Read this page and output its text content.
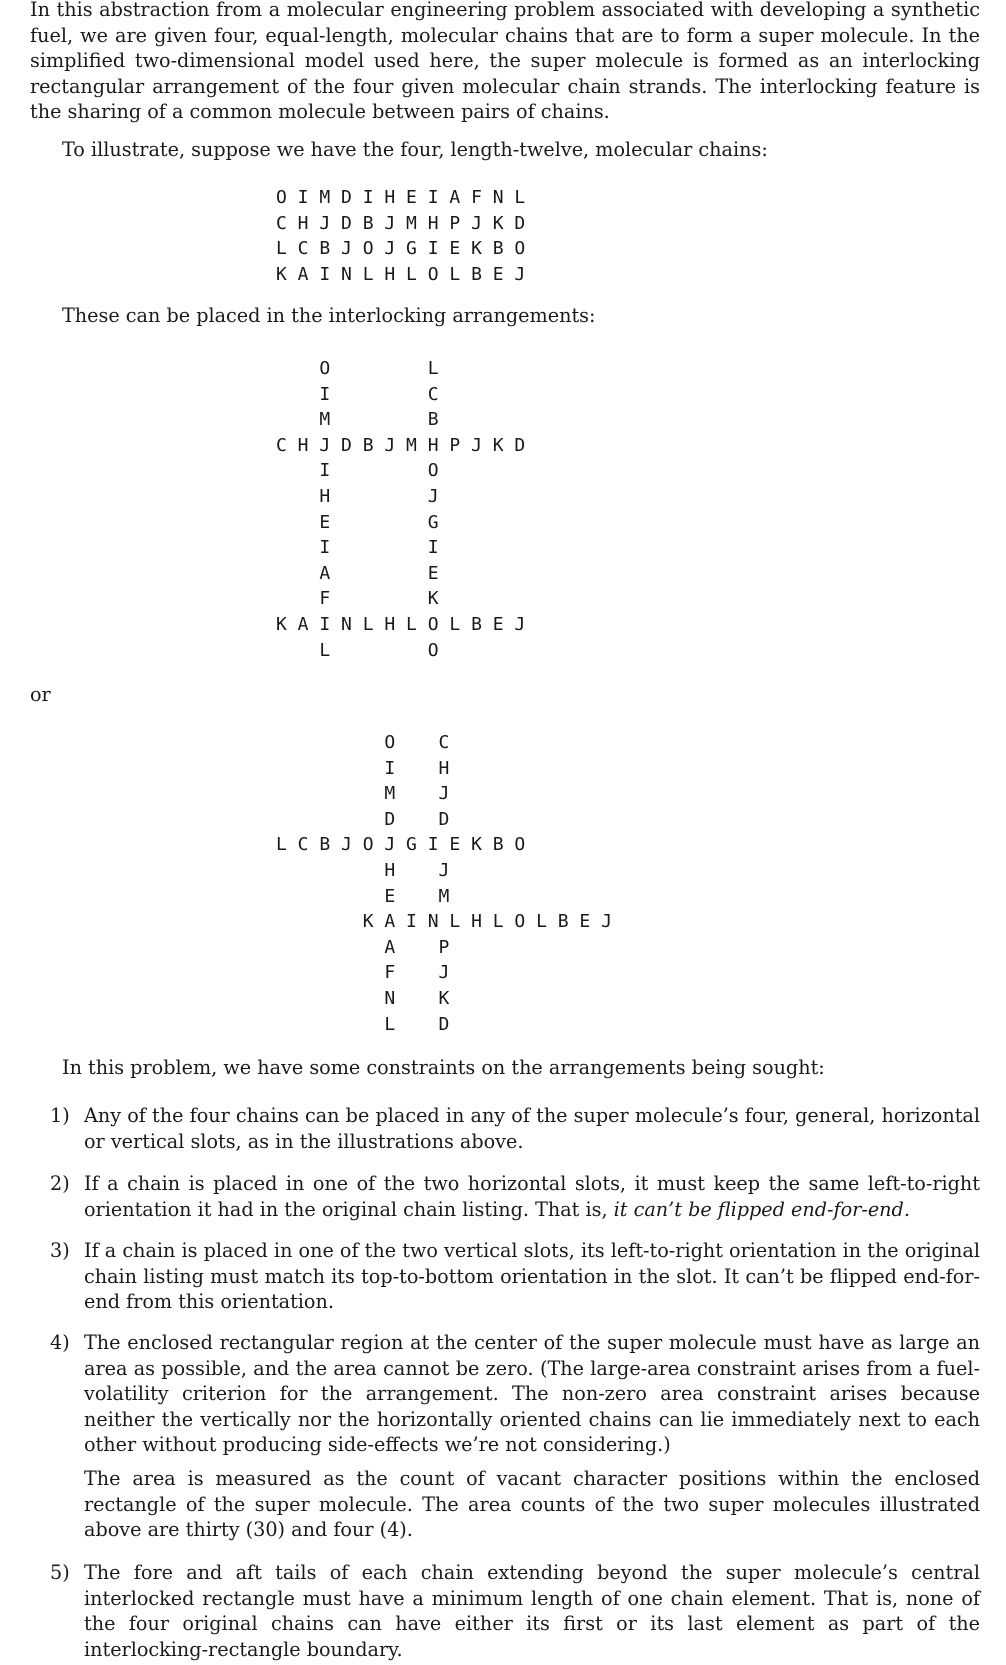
In this abstraction from a molecular engineering problem associated with developing a synthetic fuel, we are given four, equal-length, molecular chains that are to form a super molecule. In the simplified two-dimensional model used here, the super molecule is formed as an interlocking rectangular arrangement of the four given molecular chain strands. The interlocking feature is the sharing of a common molecule between pairs of chains.

To illustrate, suppose we have the four, length-twelve, molecular chains:

O I M D I H E I A F N L
C H J D B J M H P J K D
L C B J O J G I E K B O
K A I N L H L O L B E J

These can be placed in the interlocking arrangements:

O         L
I         C
M         B
C H J D B J M H P J K D
I         O
H         J
E         G
I         I
A         E
F         K
K A I N L H L O L B E J
L         O

or

O    C
I    H
M    J
D    D
L C B J O J G I E K B O
H    J
E    M
K A I N L H L O L B E J
A    P
F    J
N    K
L    D

In this problem, we have some constraints on the arrangements being sought:

1) Any of the four chains can be placed in any of the super molecule’s four, general, horizontal or vertical slots, as in the illustrations above.

2) If a chain is placed in one of the two horizontal slots, it must keep the same left-to-right orientation it had in the original chain listing. That is, it can’t be flipped end-for-end.

3) If a chain is placed in one of the two vertical slots, its left-to-right orientation in the original chain listing must match its top-to-bottom orientation in the slot. It can’t be flipped end-for-end from this orientation.

4) The enclosed rectangular region at the center of the super molecule must have as large an area as possible, and the area cannot be zero. (The large-area constraint arises from a fuel-volatility criterion for the arrangement. The non-zero area constraint arises because neither the vertically nor the horizontally oriented chains can lie immediately next to each other without producing side-effects we’re not considering.)

The area is measured as the count of vacant character positions within the enclosed rectangle of the super molecule. The area counts of the two super molecules illustrated above are thirty (30) and four (4).

5) The fore and aft tails of each chain extending beyond the super molecule’s central interlocked rectangle must have a minimum length of one chain element. That is, none of the four original chains can have either its first or its last element as part of the interlocking-rectangle boundary.
